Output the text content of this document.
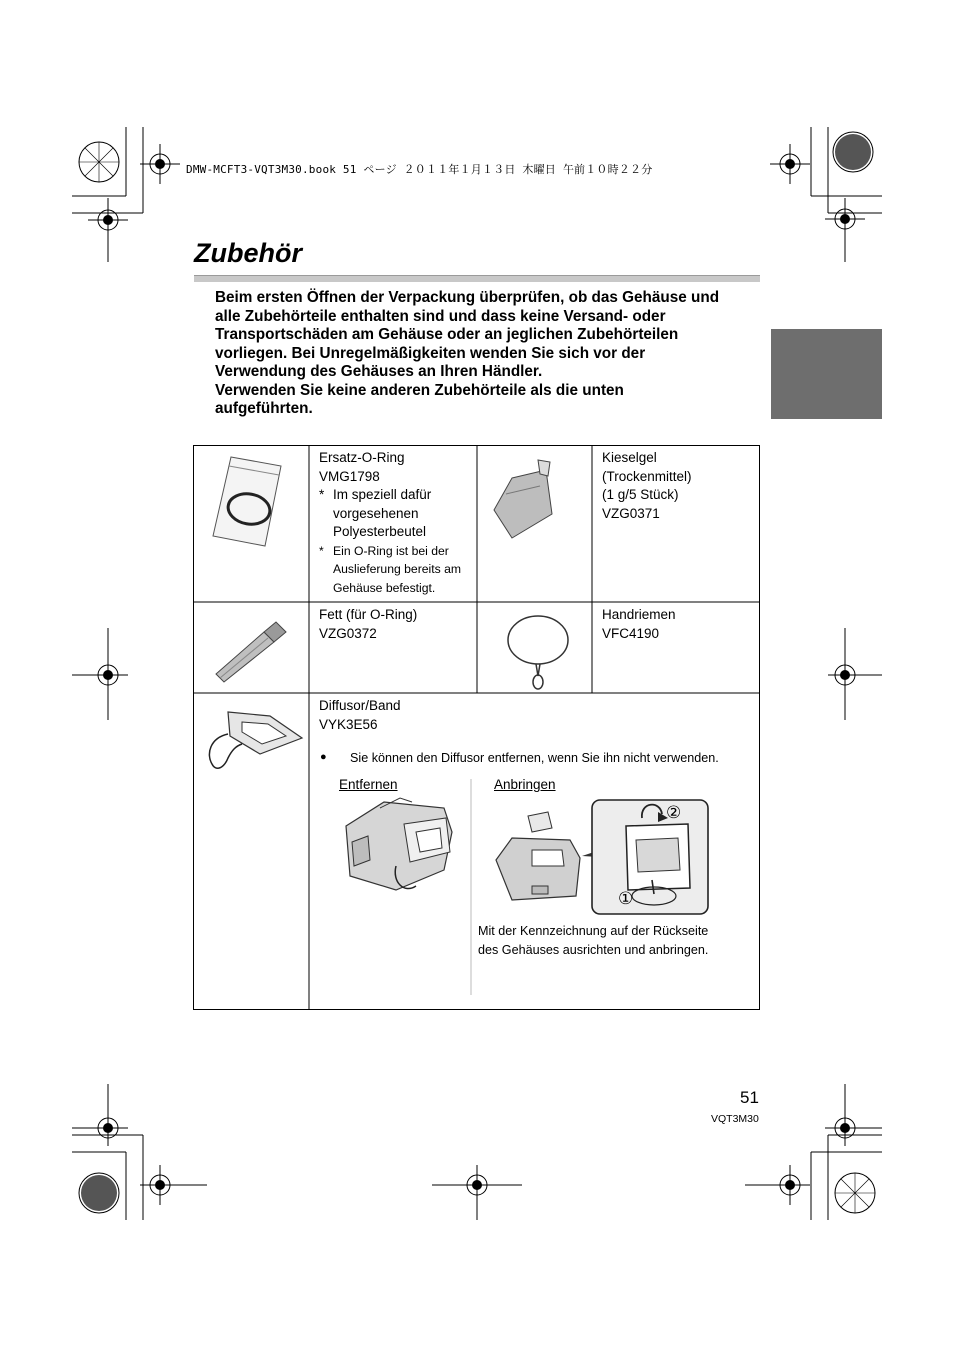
DMW-MCFT3-VQT3M30.book 51 ページ ２０１１年１月１３日 木曜日 午前１０時２２分
Zubehör
Beim ersten Öffnen der Verpackung überprüfen, ob das Gehäuse und
alle Zubehörteile enthalten sind und dass keine Versand- oder
Transportschäden am Gehäuse oder an jeglichen Zubehörteilen
vorliegen. Bei Unregelmäßigkeiten wenden Sie sich vor der
Verwendung des Gehäuses an Ihren Händler.
Verwenden Sie keine anderen Zubehörteile als die unten
aufgeführten.
Ersatz-O-Ring
VMG1798
* Im speziell dafür vorgesehenen Polyesterbeutel
* Ein O-Ring ist bei der Auslieferung bereits am Gehäuse befestigt.
Kieselgel
(Trockenmittel)
(1 g/5 Stück)
VZG0371
Fett (für O-Ring)
VZG0372
Handriemen
VFC4190
Diffusor/Band
VYK3E56
●	Sie können den Diffusor entfernen, wenn Sie ihn nicht verwenden.
Entfernen	Anbringen
②
①
Mit der Kennzeichnung auf der Rückseite
des Gehäuses ausrichten und anbringen.
51
VQT3M30
